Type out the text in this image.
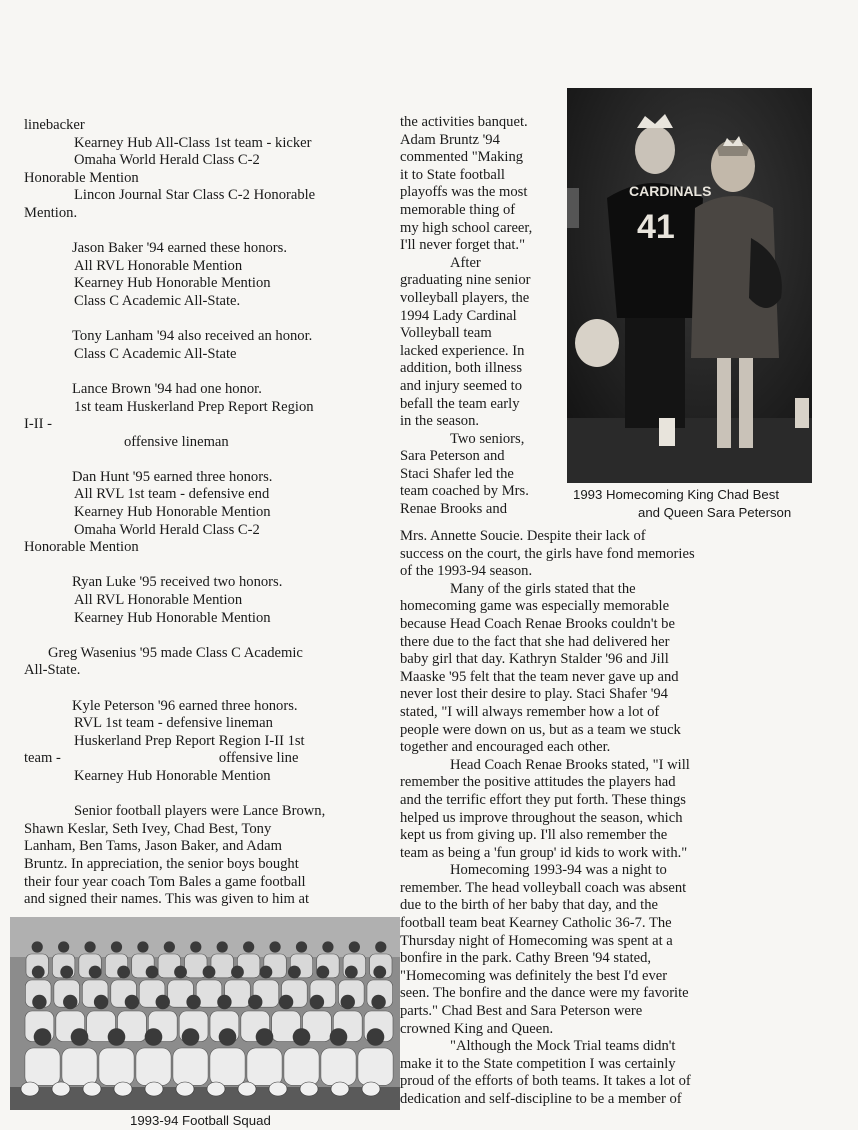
linebacker
Kearney Hub All-Class 1st team - kicker
Omaha World Herald Class C-2
Honorable Mention
Lincon Journal Star Class C-2 Honorable
Mention.
Jason Baker '94 earned these honors.
All RVL Honorable Mention
Kearney Hub Honorable Mention
Class C Academic All-State.
Tony Lanham '94 also received an honor.
Class C Academic All-State
Lance Brown '94 had one honor.
1st team Huskerland Prep Report Region
I-II -
offensive lineman
Dan Hunt '95 earned three honors.
All RVL 1st team - defensive end
Kearney Hub Honorable Mention
Omaha World Herald Class C-2
Honorable Mention
Ryan Luke '95 received two honors.
All RVL Honorable Mention
Kearney Hub Honorable Mention
Greg Wasenius '95 made Class C Academic
All-State.
Kyle Peterson '96 earned three honors.
RVL 1st team - defensive lineman
Huskerland Prep Report Region I-II 1st
team -	offensive line
Kearney Hub Honorable Mention
Senior football players were Lance Brown,
Shawn Keslar, Seth Ivey, Chad Best, Tony
Lanham, Ben Tams, Jason Baker, and Adam
Bruntz. In appreciation, the senior boys bought
their four year coach Tom Bales a game football
and signed their names. This was given to him at
the activities banquet.
Adam Bruntz '94
commented "Making
it to State football
playoffs was the most
memorable thing of
my high school career,
I'll never forget that."
After
graduating nine senior
volleyball players, the
1994 Lady Cardinal
Volleyball team
lacked experience. In
addition, both illness
and injury seemed to
befall the team early
in the season.
Two seniors,
Sara Peterson and
Staci Shafer led the
team coached by Mrs.
Renae Brooks and
Mrs. Annette Soucie. Despite their lack of
success on the court, the girls have fond memories
of the 1993-94 season.
Many of the girls stated that the
homecoming game was especially memorable
because Head Coach Renae Brooks couldn't be
there due to the fact that she had delivered her
baby girl that day. Kathryn Stalder '96 and Jill
Maaske '95 felt that the team never gave up and
never lost their desire to play. Staci Shafer '94
stated, "I will always remember how a lot of
people were down on us, but as a team we stuck
together and encouraged each other.
Head Coach Renae Brooks stated, "I will
remember the positive attitudes the players had
and the terrific effort they put forth. These things
helped us improve throughout the season, which
kept us from giving up. I'll also remember the
team as being a 'fun group' id kids to work with."
Homecoming 1993-94 was a night to
remember. The head volleyball coach was absent
due to the birth of her baby that day, and the
football team beat Kearney Catholic 36-7. The
Thursday night of Homecoming was spent at a
bonfire in the park. Cathy Breen '94 stated,
"Homecoming was definitely the best I'd ever
seen. The bonfire and the dance were my favorite
parts." Chad Best and Sara Peterson were
crowned King and Queen.
"Although the Mock Trial teams didn't
make it to the State competition I was certainly
proud of the efforts of both teams. It takes a lot of
dedication and self-discipline to be a member of
CARDINALS
41
1993-94 Football Squad
1993 Homecoming King Chad Best
and Queen Sara Peterson
